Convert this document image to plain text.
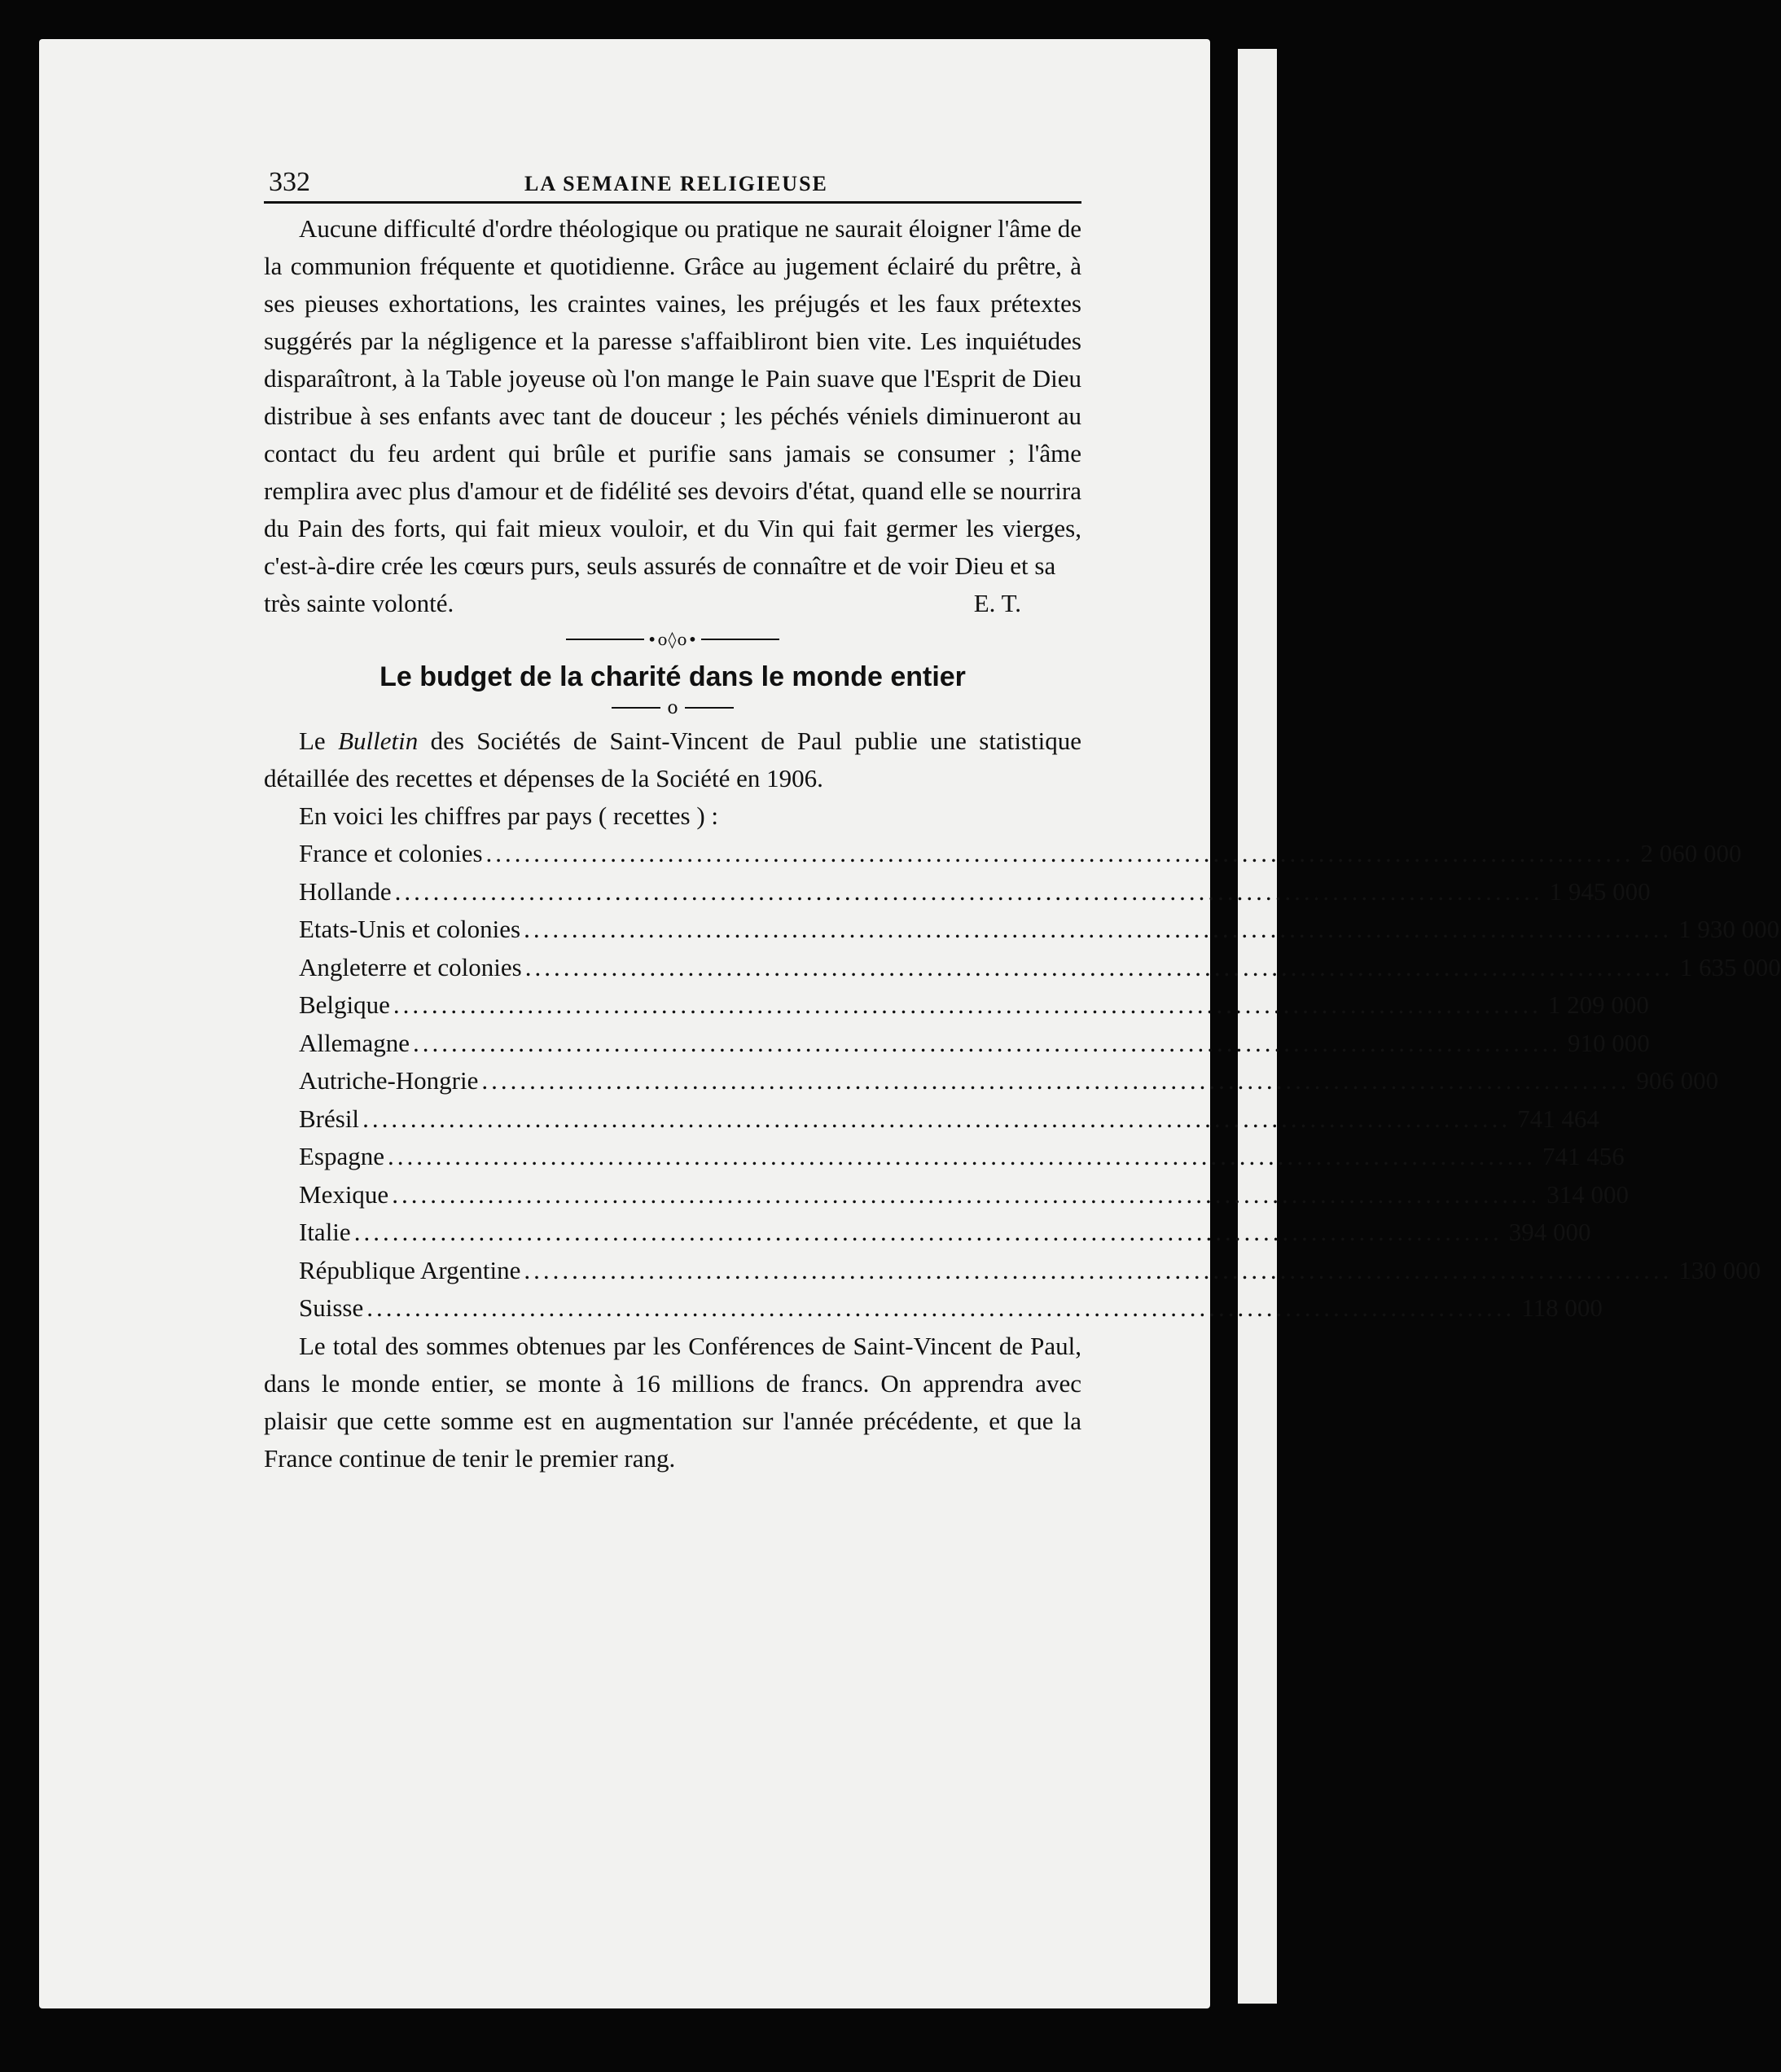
332	LA SEMAINE RELIGIEUSE

Aucune difficulté d'ordre théologique ou pratique ne saurait éloigner l'âme de la communion fréquente et quotidienne. Grâce au jugement éclairé du prêtre, à ses pieuses exhortations, les craintes vaines, les préjugés et les faux prétextes suggérés par la négligence et la paresse s'affaibliront bien vite. Les inquiétudes disparaîtront, à la Table joyeuse où l'on mange le Pain suave que l'Esprit de Dieu distribue à ses enfants avec tant de douceur ; les péchés véniels diminueront au contact du feu ardent qui brûle et purifie sans jamais se consumer ; l'âme remplira avec plus d'amour et de fidélité ses devoirs d'état, quand elle se nourrira du Pain des forts, qui fait mieux vouloir, et du Vin qui fait germer les vierges, c'est-à-dire crée les cœurs purs, seuls assurés de connaître et de voir Dieu et sa

très sainte volonté.	E. T.
•o◊o•
Le budget de la charité dans le monde entier
o

Le Bulletin des Sociétés de Saint-Vincent de Paul publie une statistique détaillée des recettes et dépenses de la Société en 1906.

En voici les chiffres par pays ( recettes ) :

France et colonies ........................................................................................................................ 2 060 000
Hollande ........................................................................................................................ 1 945 000
Etats-Unis et colonies ........................................................................................................................ 1 930 000
Angleterre et colonies ........................................................................................................................ 1 635 000
Belgique ........................................................................................................................ 1 209 000
Allemagne ........................................................................................................................ 910 000
Autriche-Hongrie ........................................................................................................................ 906 000
Brésil ........................................................................................................................ 741 464
Espagne ........................................................................................................................ 741 456
Mexique ........................................................................................................................ 314 000
Italie ........................................................................................................................ 394 000
République Argentine ........................................................................................................................ 130 000
Suisse ........................................................................................................................ 118 000

Le total des sommes obtenues par les Conférences de Saint-Vincent de Paul, dans le monde entier, se monte à 16 millions de francs. On apprendra avec plaisir que cette somme est en augmentation sur l'année précédente, et que la France continue de tenir le premier rang.
